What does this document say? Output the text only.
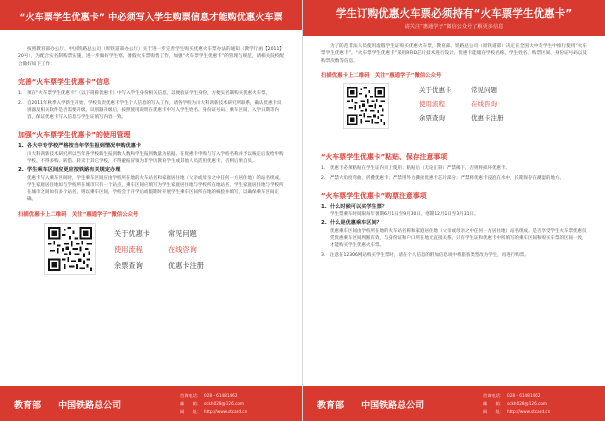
“火车票学生优惠卡” 中必须写入学生购票信息才能购优惠火车票

按照教育部办公厅、中国铁路总公司（原铁道部办公厅）关于进一步完善学生购买优惠火车票办法的通知（教学厅函【2011】20号），为配合实名制购票实施，进一步做好学生寒、暑假火车票购售工作，加强“火车票学生优惠卡”的管理与规范，请相关院校配合做好如下工作：

完善“火车票学生优惠卡”信息
1. 须在“火车票学生优惠卡”（以下简称优惠卡）中写入学生身份相关信息，以便验证学生身份，方便实名制购买优惠火车票。
2. 自2011年秋季入学新生开始，学校负责优惠卡学生个人信息的写入工作，请各学校为川大科鸿新技术研究所联系，确认优惠卡识别器及相关软件是否需要升级。识别器升级后，按照使用说明在优惠卡中写入学生姓名、身份证号码、乘车区间、入学日期等内容，保证优惠卡写入信息与学生证填写内容一致。
加强“火车票学生优惠卡”的使用管理
1. 各大中专学校严格按当年学生报到情况申购优惠卡
川大科鸿新技术研究所以当年各学校新生报到数人数和学生报到数量为依据，在优惠卡申购与写入学校名称并予以核定后发给申购学校。不得多购、转借、转卖于其它学校，不得避报冒领为非学历教育学生或其他人员活用优惠卡，否则后果自负。
2. 学生乘车区间应更应按铁路有关规定办理
优惠卡写入乘车区间时，学生乘车区间应由学校所在地的火车站名和家庭居住地（父亲或母亲之中任何一方居住地）的站名组成。学生家庭居住地如与学校所在城市只有一个站点，乘车区间应填写为学生家庭居住地与学校所在地站名，学生家庭居住地与学校所在城市之间如有多个站名，则以乘车区间，学校会于开学后或假期时开展学生乘车区间所在地的核验并填写，以确保乘车区间正确。
扫描优惠卡上二维码　关注“惠通学子”微信公众号
关于优惠卡	常见问题
使用流程	在线咨询
余票查询	优惠卡注册
教育部 中国铁路总公司
咨询电话： 028 - 61481462
邮　　箱： sckh028@126.com
网　　址： http://www.stcard.cn
学生订购优惠火车票必须持有“火车票学生优惠卡”
请关注“惠通学子”微信公众号了解更多信息

为了防范非法人员使用虚假学生证购买优惠火车票，教育部、铁路总公司（原铁道部）决定在全国大中专学生中推行使用“火车票学生优惠卡”。“火车票学生优惠卡”采用RFID芯片技术进行设计，优惠卡能储存学校名称、学生姓名、购票区间、身份证号码以及购票次数等信息。

扫描优惠卡上二维码　关注“惠通学子”微信公众号
关于优惠卡	常见问题
使用流程	在线咨询
余票查询	优惠卡注册
“火车票学生优惠卡”粘贴、保存注意事项
1. 优惠卡必须粘贴在学生证内页上使用；粘贴后（无论正斜）严禁揭下，否则将损坏优惠卡。
2. 严禁大角度弯曲、折叠优惠卡；严禁用外力撕扯优惠卡芯片部分；严禁将优惠卡浸泡在水中，长期保存在潮湿的地方。
“火车票学生优惠卡”购票注意事项
1. 什么时候可以买学生票？
学生票乘车时间限每年暑期6月1日至9月30日、寒期12月1日至3月31日。
2. 什么是优惠乘车区间？
优惠乘车区间由学校所在地的火车站名称和家庭居住地（父亲或母亲之中任何一方居住地）站名组成。是否享受学生火车票优惠仅凭优惠乘车区间判断有效，与身份证和户口所在地无直接关系。只有学生证和优惠卡中所填写的乘车区间和购买车票的区间一致，才能购买学生优惠火车票。
3. 注意在12306网站购买学生票时，请在个人信息的附加信息项中将旅客类型改为学生，再进行购票。
教育部 中国铁路总公司
咨询电话： 028 - 61481462
邮　　箱： sckh028@126.com
网　　址： http://www.stcard.cn
